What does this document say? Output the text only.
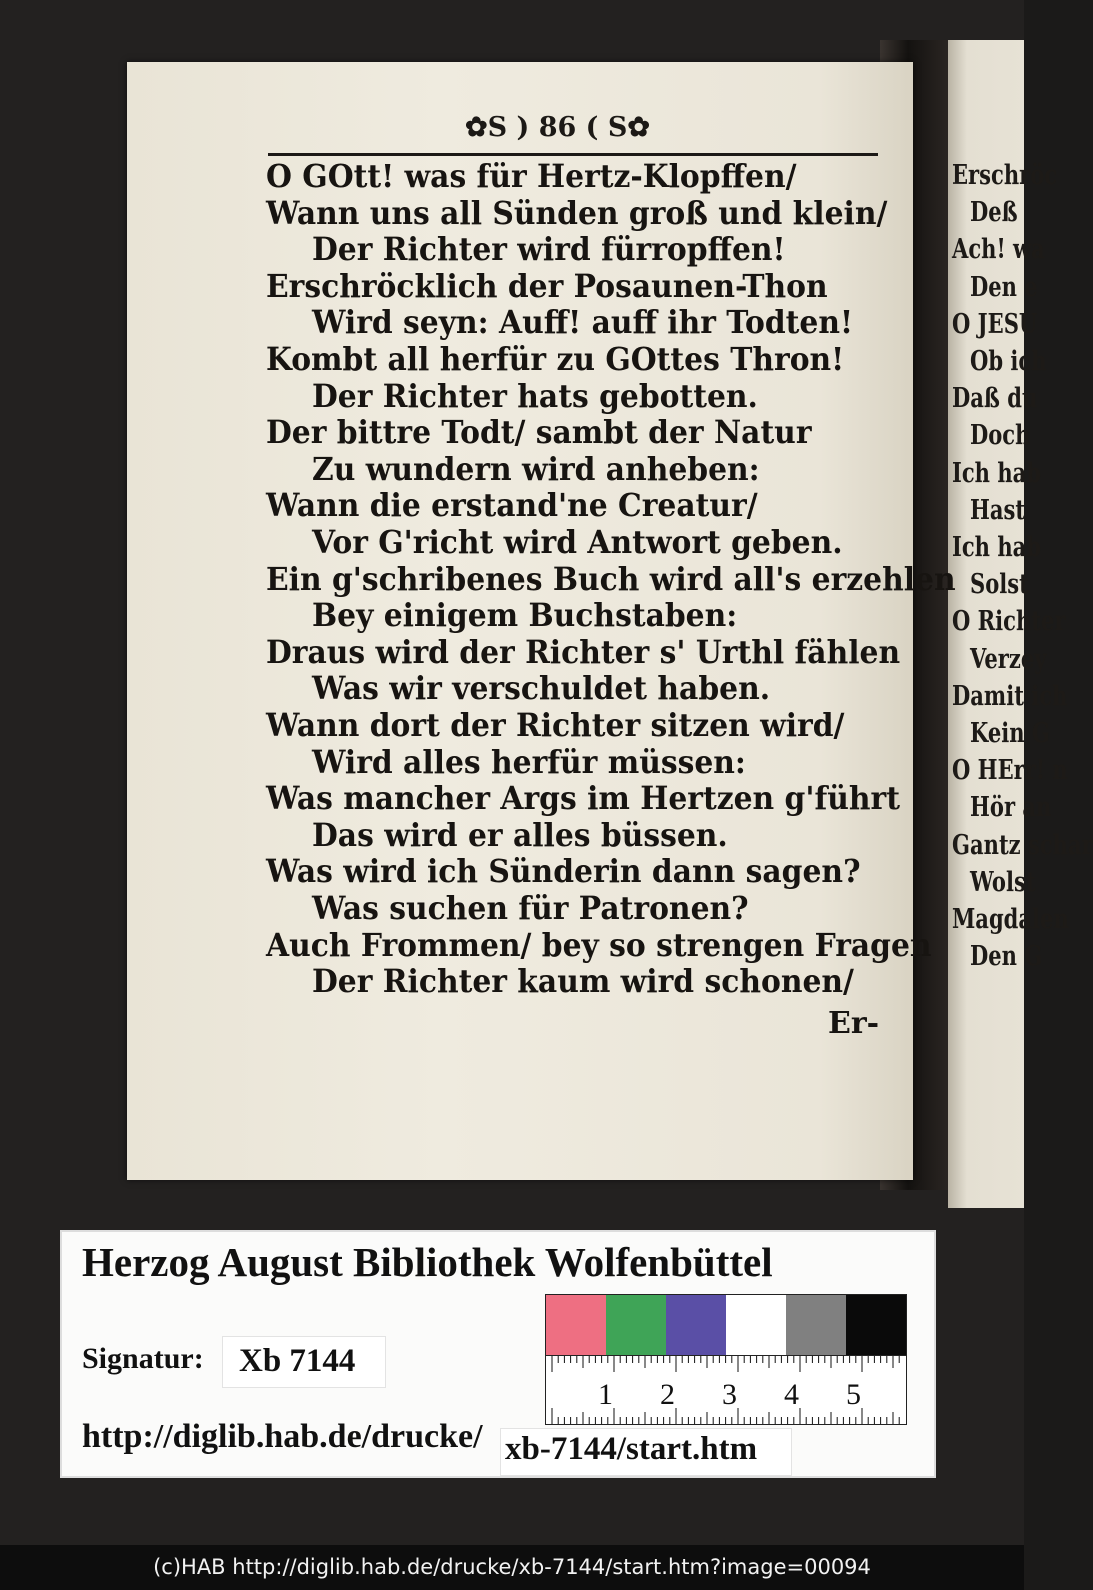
Erschröc
Deß
Ach! wa
Den e
O JESU
Ob ich
Daß du
Doch
Ich hab
Hast
Ich hab
Solst
O Richter
Verzey
Damit ich
Kein G
O HErr! n
Hör an
Gantz schar
Wolst
Magdalen
Den G
✿S ) 86 ( S✿
O GOtt! was für Hertz-Klopffen/
Wann uns all Sünden groß und klein/
Der Richter wird fürropffen!
Erschröcklich der Posaunen-Thon
Wird seyn: Auff! auff ihr Todten!
Kombt all herfür zu GOttes Thron!
Der Richter hats gebotten.
Der bittre Todt/ sambt der Natur
Zu wundern wird anheben:
Wann die erstand'ne Creatur/
Vor G'richt wird Antwort geben.
Ein g'schribenes Buch wird all's erzehlen
Bey einigem Buchstaben:
Draus wird der Richter s' Urthl fählen
Was wir verschuldet haben.
Wann dort der Richter sitzen wird/
Wird alles herfür müssen:
Was mancher Args im Hertzen g'führt
Das wird er alles büssen.
Was wird ich Sünderin dann sagen?
Was suchen für Patronen?
Auch Frommen/ bey so strengen Fragen
Der Richter kaum wird schonen/
Er-
Herzog August Bibliothek Wolfenbüttel
Signatur: Xb 7144
http://diglib.hab.de/drucke/ xb-7144/start.htm
1 2 3 4 5
(c)HAB http://diglib.hab.de/drucke/xb-7144/start.htm?image=00094
